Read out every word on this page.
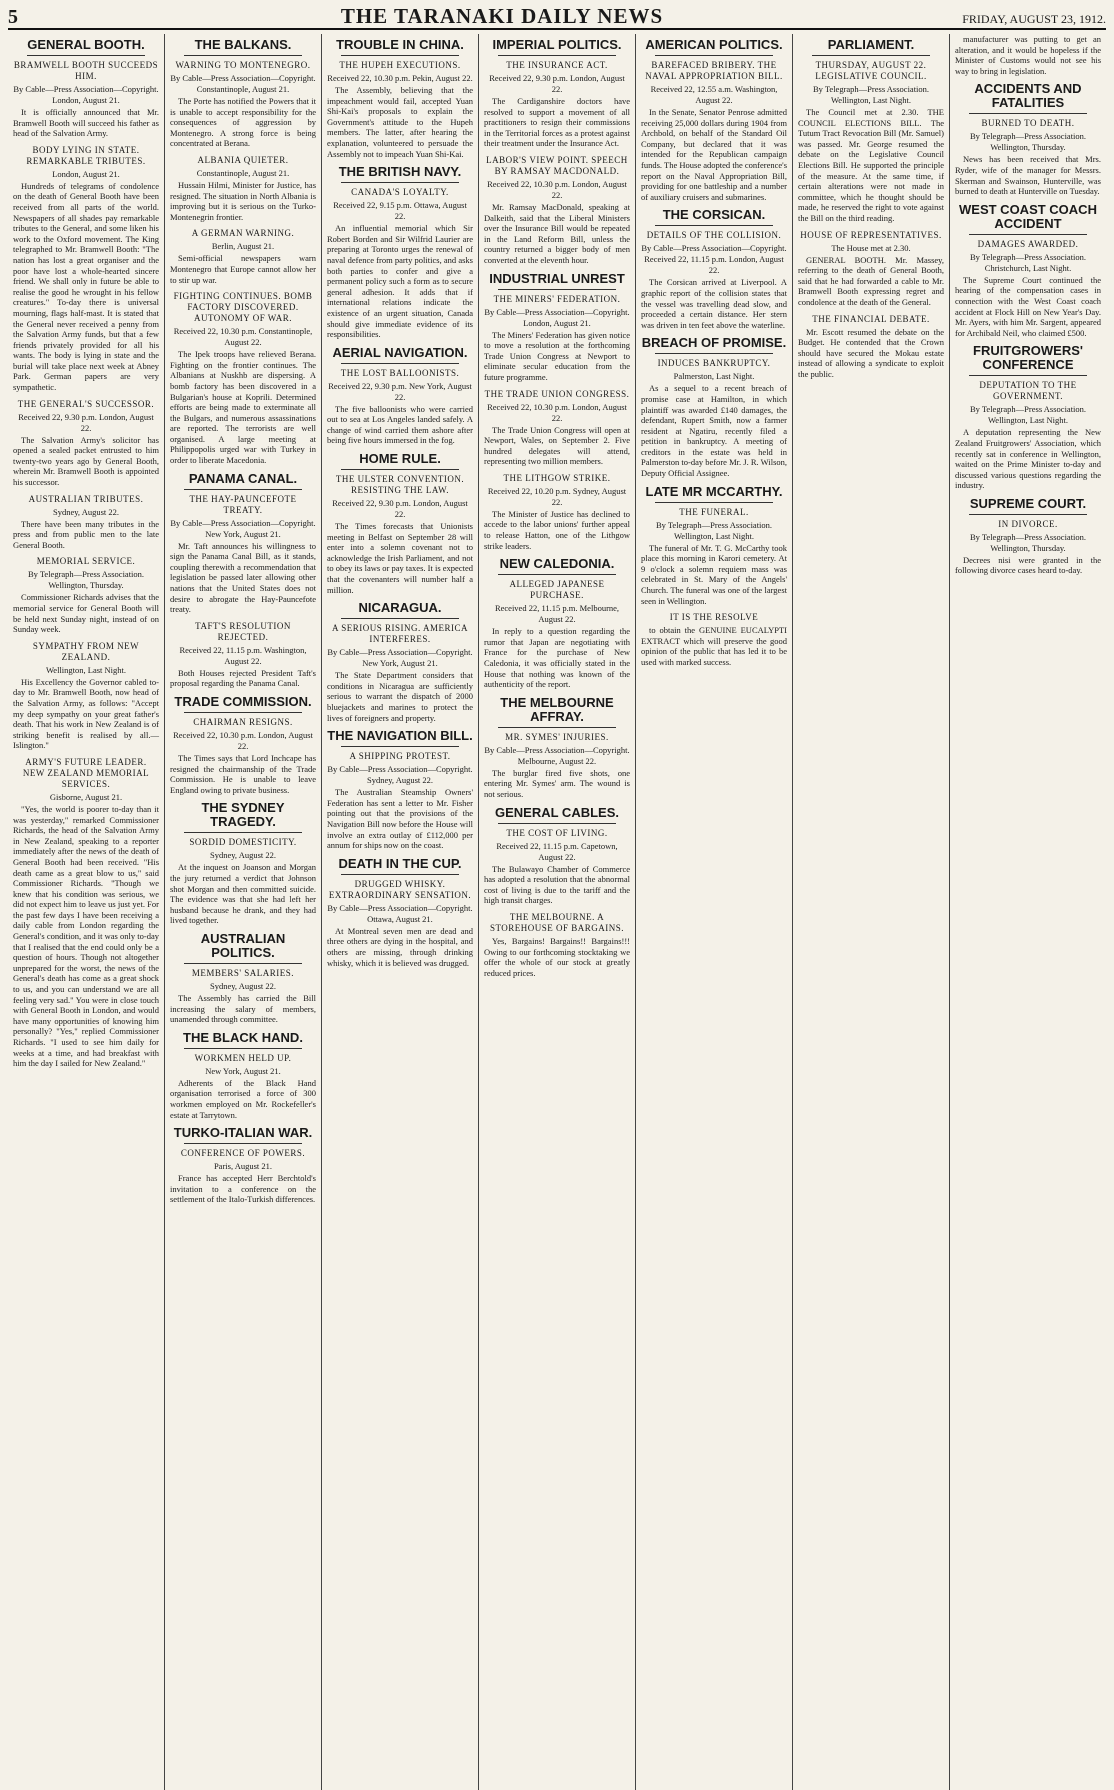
5	THE TARANAKI DAILY NEWS	FRIDAY, AUGUST 23, 1912.
GENERAL BOOTH.
BRAMWELL BOOTH SUCCEEDS HIM.
By Cable—Press Association—Copyright. London, August 21.

It is officially announced that Mr. Bramwell Booth will succeed his father as head of the Salvation Army.

BODY LYING IN STATE. REMARKABLE TRIBUTES.
London, August 21.

Hundreds of telegrams of condolence on the death of General Booth have been received from all parts of the world. Newspapers of all shades pay remarkable tributes to the General, and some liken his work to the Oxford movement. The King telegraphed to Mr. Bramwell Booth: "The nation has lost a great organiser and the poor have lost a whole-hearted sincere friend. We shall only in future be able to realise the good he wrought in his fellow creatures." To-day there is universal mourning, flags half-mast. It is stated that the General never received a penny from the Salvation Army funds, but that a few friends privately provided for all his wants. The body is lying in state and the burial will take place next week at Abney Park. German papers are very sympathetic.

THE GENERAL'S SUCCESSOR.
Received 22, 9.30 p.m. London, August 22.

The Salvation Army's solicitor has opened a sealed packet entrusted to him twenty-two years ago by General Booth, wherein Mr. Bramwell Booth is appointed his successor.

AUSTRALIAN TRIBUTES.
Sydney, August 22.

There have been many tributes in the press and from public men to the late General Booth.

MEMORIAL SERVICE.
By Telegraph—Press Association. Wellington, Thursday.

Commissioner Richards advises that the memorial service for General Booth will be held next Sunday night, instead of on Sunday week.

SYMPATHY FROM NEW ZEALAND.
Wellington, Last Night.

His Excellency the Governor cabled to-day to Mr. Bramwell Booth, now head of the Salvation Army, as follows: "Accept my deep sympathy on your great father's death. That his work in New Zealand is of striking benefit is realised by all.—Islington."

ARMY'S FUTURE LEADER. NEW ZEALAND MEMORIAL SERVICES.
Gisborne, August 21.

"Yes, the world is poorer to-day than it was yesterday," remarked Commissioner Richards, the head of the Salvation Army in New Zealand, speaking to a reporter immediately after the news of the death of General Booth had been received. "His death came as a great blow to us," said Commissioner Richards. "Though we knew that his condition was serious, we did not expect him to leave us just yet. For the past few days I have been receiving a daily cable from London regarding the General's condition, and it was only to-day that I realised that the end could only be a question of hours. Though not altogether unprepared for the worst, the news of the General's death has come as a great shock to us, and you can understand we are all feeling very sad." You were in close touch with General Booth in London, and would have many opportunities of knowing him personally? "Yes," replied Commissioner Richards. "I used to see him daily for weeks at a time, and had breakfast with him the day I sailed for New Zealand."

THE BALKANS.
WARNING TO MONTENEGRO.
By Cable—Press Association—Copyright. Constantinople, August 21.

The Porte has notified the Powers that it is unable to accept responsibility for the consequences of aggression by Montenegro. A strong force is being concentrated at Berana.

ALBANIA QUIETER.
Constantinople, August 21.

Hussain Hilmi, Minister for Justice, has resigned. The situation in North Albania is improving but it is serious on the Turko-Montenegrin frontier.

A GERMAN WARNING.
Berlin, August 21.

Semi-official newspapers warn Montenegro that Europe cannot allow her to stir up war.

FIGHTING CONTINUES. BOMB FACTORY DISCOVERED. AUTONOMY OF WAR.
Received 22, 10.30 p.m. Constantinople, August 22.

The Ipek troops have relieved Berana. Fighting on the frontier continues. The Albanians at Nuskhb are dispersing. A bomb factory has been discovered in a Bulgarian's house at Koprili. Determined efforts are being made to exterminate all the Bulgars, and numerous assassinations are reported. The terrorists are well organised. A large meeting at Philippopolis urged war with Turkey in order to liberate Macedonia.

PANAMA CANAL.
THE HAY-PAUNCEFOTE TREATY.
By Cable—Press Association—Copyright. New York, August 21.

Mr. Taft announces his willingness to sign the Panama Canal Bill, as it stands, coupling therewith a recommendation that legislation be passed later allowing other nations that the United States does not desire to abrogate the Hay-Pauncefote treaty.

TAFT'S RESOLUTION REJECTED.
Received 22, 11.15 p.m. Washington, August 22.

Both Houses rejected President Taft's proposal regarding the Panama Canal.

TRADE COMMISSION.
CHAIRMAN RESIGNS.
Received 22, 10.30 p.m. London, August 22.

The Times says that Lord Inchcape has resigned the chairmanship of the Trade Commission. He is unable to leave England owing to private business.

THE SYDNEY TRAGEDY.
SORDID DOMESTICITY.
Sydney, August 22.

At the inquest on Joanson and Morgan the jury returned a verdict that Johnson shot Morgan and then committed suicide. The evidence was that she had left her husband because he drank, and they had lived together.

AUSTRALIAN POLITICS.
MEMBERS' SALARIES.
Sydney, August 22.

The Assembly has carried the Bill increasing the salary of members, unamended through committee.

THE BLACK HAND.
WORKMEN HELD UP.
New York, August 21.

Adherents of the Black Hand organisation terrorised a force of 300 workmen employed on Mr. Rockefeller's estate at Tarrytown.

TURKO-ITALIAN WAR.
CONFERENCE OF POWERS.
Paris, August 21.

France has accepted Herr Berchtold's invitation to a conference on the settlement of the Italo-Turkish differences.

TROUBLE IN CHINA.
THE HUPEH EXECUTIONS.
Received 22, 10.30 p.m. Pekin, August 22.

The Assembly, believing that the impeachment would fail, accepted Yuan Shi-Kai's proposals to explain the Government's attitude to the Hupeh members. The latter, after hearing the explanation, volunteered to persuade the Assembly not to impeach Yuan Shi-Kai.

THE BRITISH NAVY.
CANADA'S LOYALTY.
Received 22, 9.15 p.m. Ottawa, August 22.

An influential memorial which Sir Robert Borden and Sir Wilfrid Laurier are preparing at Toronto urges the renewal of naval defence from party politics, and asks both parties to confer and give a permanent policy such a form as to secure general adhesion. It adds that if international relations indicate the existence of an urgent situation, Canada should give immediate evidence of its responsibilities.

AERIAL NAVIGATION.
THE LOST BALLOONISTS.
Received 22, 9.30 p.m. New York, August 22.

The five balloonists who were carried out to sea at Los Angeles landed safely. A change of wind carried them ashore after being five hours immersed in the fog.

HOME RULE.
THE ULSTER CONVENTION. RESISTING THE LAW.
Received 22, 9.30 p.m. London, August 22.

The Times forecasts that Unionists meeting in Belfast on September 28 will enter into a solemn covenant not to acknowledge the Irish Parliament, and not to obey its laws or pay taxes. It is expected that the covenanters will number half a million.

NICARAGUA.
A SERIOUS RISING. AMERICA INTERFERES.
By Cable—Press Association—Copyright. New York, August 21.

The State Department considers that conditions in Nicaragua are sufficiently serious to warrant the dispatch of 2000 bluejackets and marines to protect the lives of foreigners and property.

THE NAVIGATION BILL.
A SHIPPING PROTEST.
By Cable—Press Association—Copyright. Sydney, August 22.

The Australian Steamship Owners' Federation has sent a letter to Mr. Fisher pointing out that the provisions of the Navigation Bill now before the House will involve an extra outlay of £112,000 per annum for ships now on the coast.

DEATH IN THE CUP.
DRUGGED WHISKY. EXTRAORDINARY SENSATION.
By Cable—Press Association—Copyright. Ottawa, August 21.

At Montreal seven men are dead and three others are dying in the hospital, and others are missing, through drinking whisky, which it is believed was drugged.

IMPERIAL POLITICS.
THE INSURANCE ACT.
Received 22, 9.30 p.m. London, August 22.

The Cardiganshire doctors have resolved to support a movement of all practitioners to resign their commissions in the Territorial forces as a protest against their treatment under the Insurance Act.

LABOR'S VIEW POINT. SPEECH BY RAMSAY MACDONALD.
Received 22, 10.30 p.m. London, August 22.

Mr. Ramsay MacDonald, speaking at Dalkeith, said that the Liberal Ministers over the Insurance Bill would be repeated in the Land Reform Bill, unless the country returned a bigger body of men converted at the eleventh hour.

INDUSTRIAL UNREST
THE MINERS' FEDERATION.
By Cable—Press Association—Copyright. London, August 21.

The Miners' Federation has given notice to move a resolution at the forthcoming Trade Union Congress at Newport to eliminate secular education from the future programme.

THE TRADE UNION CONGRESS.
Received 22, 10.30 p.m. London, August 22.

The Trade Union Congress will open at Newport, Wales, on September 2. Five hundred delegates will attend, representing two million members.

THE LITHGOW STRIKE.
Received 22, 10.20 p.m. Sydney, August 22.

The Minister of Justice has declined to accede to the labor unions' further appeal to release Hatton, one of the Lithgow strike leaders.

NEW CALEDONIA.
ALLEGED JAPANESE PURCHASE.
Received 22, 11.15 p.m. Melbourne, August 22.

In reply to a question regarding the rumor that Japan are negotiating with France for the purchase of New Caledonia, it was officially stated in the House that nothing was known of the authenticity of the report.

THE MELBOURNE AFFRAY.
MR. SYMES' INJURIES.
By Cable—Press Association—Copyright. Melbourne, August 22.

The burglar fired five shots, one entering Mr. Symes' arm. The wound is not serious.

GENERAL CABLES.
THE COST OF LIVING.
Received 22, 11.15 p.m. Capetown, August 22.

The Bulawayo Chamber of Commerce has adopted a resolution that the abnormal cost of living is due to the tariff and the high transit charges.

THE MELBOURNE. A STOREHOUSE OF BARGAINS.

Yes, Bargains! Bargains!! Bargains!!! Owing to our forthcoming stocktaking we offer the whole of our stock at greatly reduced prices.

AMERICAN POLITICS.
BAREFACED BRIBERY. THE NAVAL APPROPRIATION BILL.
Received 22, 12.55 a.m. Washington, August 22.

In the Senate, Senator Penrose admitted receiving 25,000 dollars during 1904 from Archbold, on behalf of the Standard Oil Company, but declared that it was intended for the Republican campaign funds. The House adopted the conference's report on the Naval Appropriation Bill, providing for one battleship and a number of auxiliary cruisers and submarines.

THE CORSICAN.
DETAILS OF THE COLLISION.
By Cable—Press Association—Copyright. Received 22, 11.15 p.m. London, August 22.

The Corsican arrived at Liverpool. A graphic report of the collision states that the vessel was travelling dead slow, and proceeded a certain distance. Her stern was driven in ten feet above the waterline.

BREACH OF PROMISE.
INDUCES BANKRUPTCY.
Palmerston, Last Night.

As a sequel to a recent breach of promise case at Hamilton, in which plaintiff was awarded £140 damages, the defendant, Rupert Smith, now a farmer resident at Ngatiru, recently filed a petition in bankruptcy. A meeting of creditors in the estate was held in Palmerston to-day before Mr. J. R. Wilson, Deputy Official Assignee.

LATE MR MCCARTHY.
THE FUNERAL.
By Telegraph—Press Association. Wellington, Last Night.

The funeral of Mr. T. G. McCarthy took place this morning in Karori cemetery. At 9 o'clock a solemn requiem mass was celebrated in St. Mary of the Angels' Church. The funeral was one of the largest seen in Wellington.

IT IS THE RESOLVE

to obtain the GENUINE EUCALYPTI EXTRACT which will preserve the good opinion of the public that has led it to be used with marked success.

PARLIAMENT.
THURSDAY, AUGUST 22. LEGISLATIVE COUNCIL.
By Telegraph—Press Association. Wellington, Last Night.

The Council met at 2.30. THE COUNCIL ELECTIONS BILL. The Tutum Tract Revocation Bill (Mr. Samuel) was passed. Mr. George resumed the debate on the Legislative Council Elections Bill. He supported the principle of the measure. At the same time, if certain alterations were not made in committee, which he thought should be made, he reserved the right to vote against the Bill on the third reading.

HOUSE OF REPRESENTATIVES.
The House met at 2.30.

GENERAL BOOTH. Mr. Massey, referring to the death of General Booth, said that he had forwarded a cable to Mr. Bramwell Booth expressing regret and condolence at the death of the General.

THE FINANCIAL DEBATE.

Mr. Escott resumed the debate on the Budget. He contended that the Crown should have secured the Mokau estate instead of allowing a syndicate to exploit the public.

manufacturer was putting to get an alteration, and it would be hopeless if the Minister of Customs would not see his way to bring in legislation.

ACCIDENTS AND FATALITIES
BURNED TO DEATH.
By Telegraph—Press Association. Wellington, Thursday.

News has been received that Mrs. Ryder, wife of the manager for Messrs. Skerman and Swainson, Hunterville, was burned to death at Hunterville on Tuesday.

WEST COAST COACH ACCIDENT
DAMAGES AWARDED.
By Telegraph—Press Association. Christchurch, Last Night.

The Supreme Court continued the hearing of the compensation cases in connection with the West Coast coach accident at Flock Hill on New Year's Day. Mr. Ayers, with him Mr. Sargent, appeared for Archibald Neil, who claimed £500.

FRUITGROWERS' CONFERENCE
DEPUTATION TO THE GOVERNMENT.
By Telegraph—Press Association. Wellington, Last Night.

A deputation representing the New Zealand Fruitgrowers' Association, which recently sat in conference in Wellington, waited on the Prime Minister to-day and discussed various questions regarding the industry.

SUPREME COURT.
IN DIVORCE.
By Telegraph—Press Association. Wellington, Thursday.

Decrees nisi were granted in the following divorce cases heard to-day.
